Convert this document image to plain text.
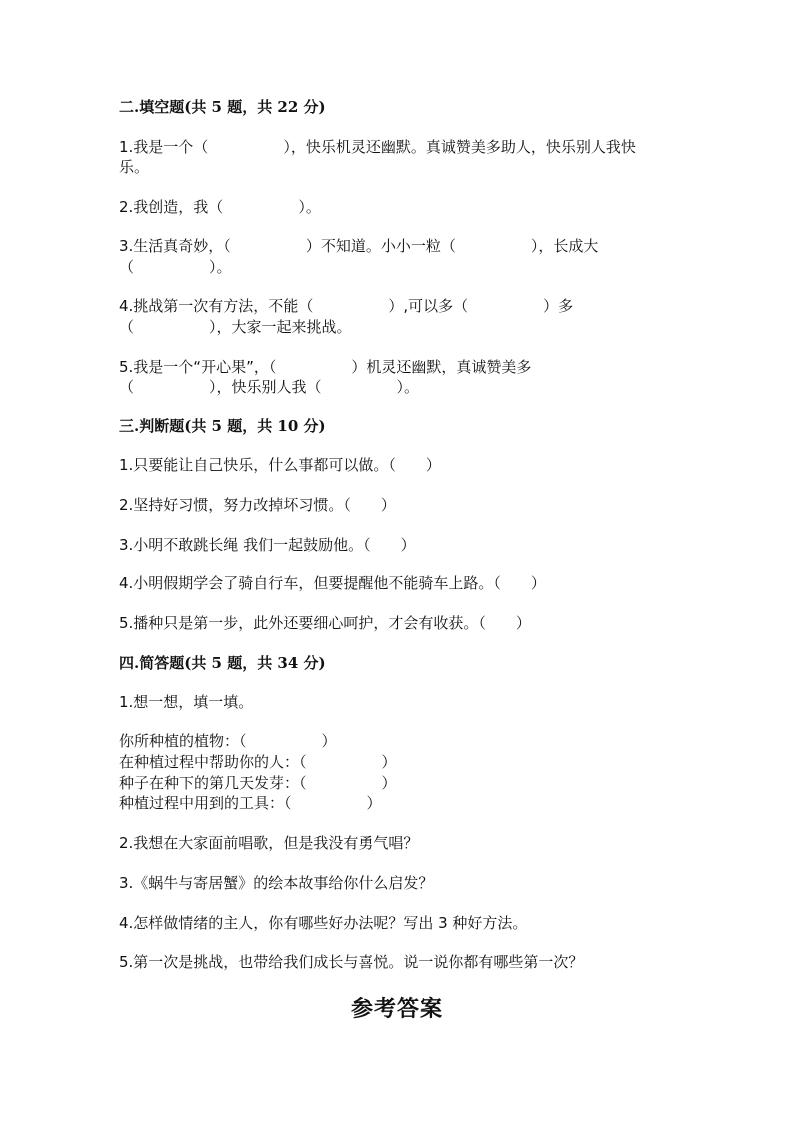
二.填空题(共 5 题，共 22 分)
1.我是一个（　　　　　），快乐机灵还幽默。真诚赞美多助人，快乐别人我快
乐。
2.我创造，我（　　　　　）。
3.生活真奇妙，（　　　　　）不知道。小小一粒（　　　　　），长成大
（　　　　　）。
4.挑战第一次有方法，不能（　　　　　）,可以多（　　　　　）多
（　　　　　），大家一起来挑战。
5.我是一个“开心果”，（　　　　　）机灵还幽默，真诚赞美多
（　　　　　），快乐别人我（　　　　　）。
三.判断题(共 5 题，共 10 分)
1.只要能让自己快乐，什么事都可以做。（　　）
2.坚持好习惯，努力改掉坏习惯。（　　）
3.小明不敢跳长绳 我们一起鼓励他。（　　）
4.小明假期学会了骑自行车，但要提醒他不能骑车上路。（　　）
5.播种只是第一步，此外还要细心呵护，才会有收获。（　　）
四.简答题(共 5 题，共 34 分)
1.想一想，填一填。
你所种植的植物：（　　　　　）
在种植过程中帮助你的人：（　　　　　）
种子在种下的第几天发芽：（　　　　　）
种植过程中用到的工具：（　　　　　）
2.我想在大家面前唱歌，但是我没有勇气唱？
3.《蜗牛与寄居蟹》的绘本故事给你什么启发？
4.怎样做情绪的主人，你有哪些好办法呢？写出 3 种好方法。
5.第一次是挑战，也带给我们成长与喜悦。说一说你都有哪些第一次？
参考答案
